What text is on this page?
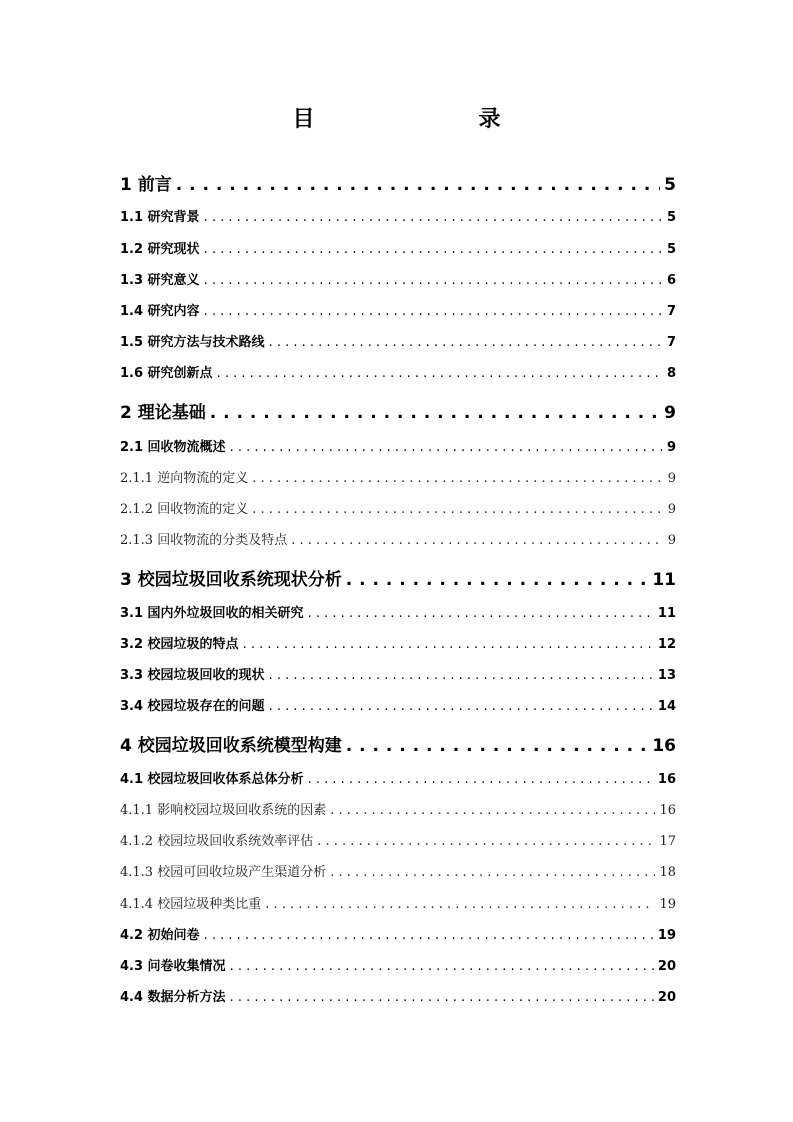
目　　录
1 前言 . . .	5
1.1 研究背景 . . .	5
1.2 研究现状 . . .	5
1.3 研究意义 . . .	6
1.4 研究内容 . . .	7
1.5 研究方法与技术路线 . . .	7
1.6 研究创新点 . . .	8
2 理论基础 . . .	9
2.1 回收物流概述 . . .	9
2.1.1 逆向物流的定义 . . .	9
2.1.2 回收物流的定义 . . .	9
2.1.3 回收物流的分类及特点 . . .	9
3 校园垃圾回收系统现状分析 . . .	11
3.1 国内外垃圾回收的相关研究 . . .	11
3.2 校园垃圾的特点 . . .	12
3.3 校园垃圾回收的现状 . . .	13
3.4 校园垃圾存在的问题 . . .	14
4 校园垃圾回收系统模型构建 . . .	16
4.1 校园垃圾回收体系总体分析 . . .	16
4.1.1 影响校园垃圾回收系统的因素 . . .	16
4.1.2 校园垃圾回收系统效率评估 . . .	17
4.1.3 校园可回收垃圾产生渠道分析 . . .	18
4.1.4 校园垃圾种类比重 . . .	19
4.2 初始问卷 . . .	19
4.3 问卷收集情况 . . .	20
4.4 数据分析方法 . . .	20
